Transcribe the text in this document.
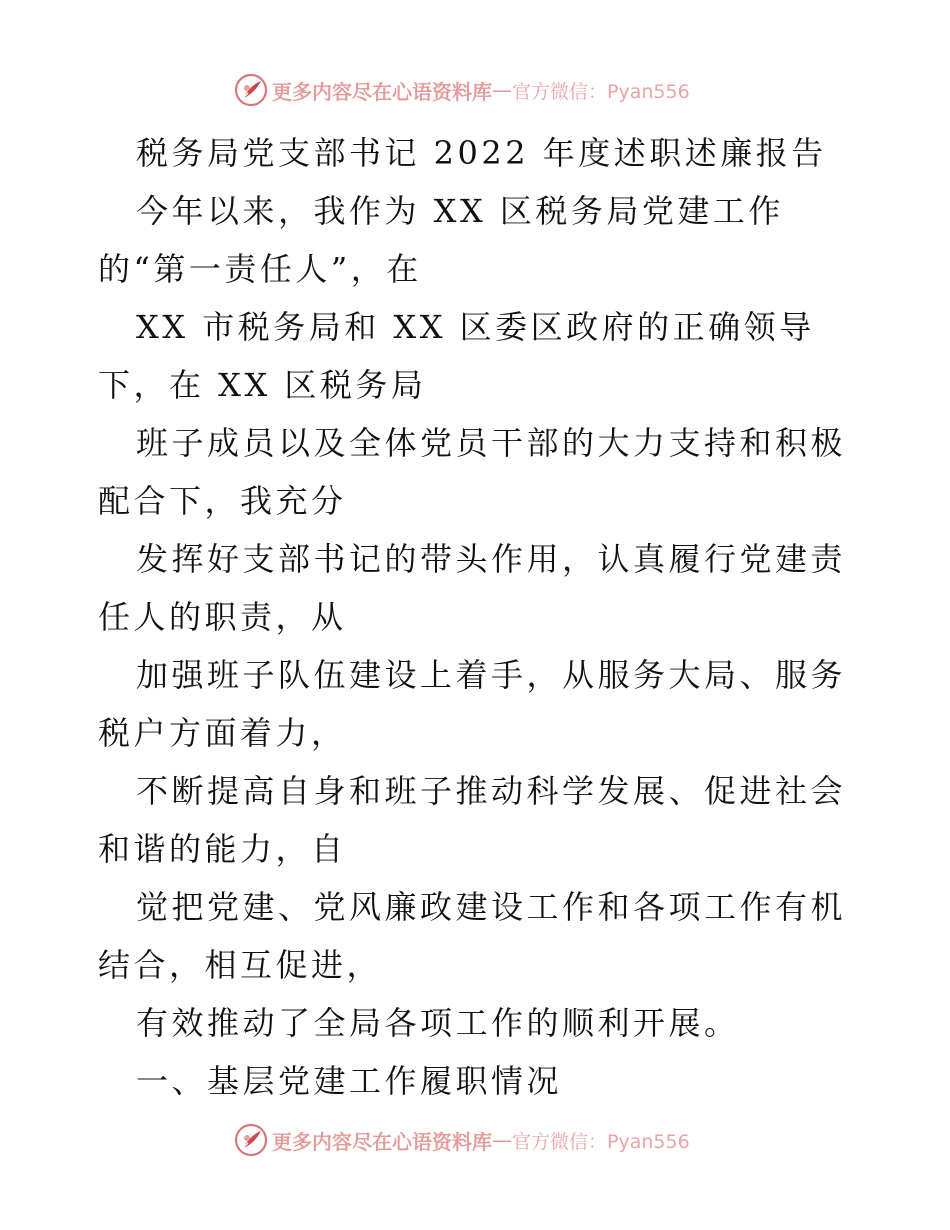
更多内容尽在心语资料库 — 官方微信：Pyan556

税务局党支部书记 2022 年度述职述廉报告

今年以来，我作为 XX 区税务局党建工作的“第一责任人”，在

XX 市税务局和 XX 区委区政府的正确领导下，在 XX 区税务局

班子成员以及全体党员干部的大力支持和积极配合下，我充分

发挥好支部书记的带头作用，认真履行党建责任人的职责，从

加强班子队伍建设上着手，从服务大局、服务税户方面着力，

不断提高自身和班子推动科学发展、促进社会和谐的能力，自

觉把党建、党风廉政建设工作和各项工作有机结合，相互促进，

有效推动了全局各项工作的顺利开展。

一、基层党建工作履职情况

更多内容尽在心语资料库 — 官方微信：Pyan556
